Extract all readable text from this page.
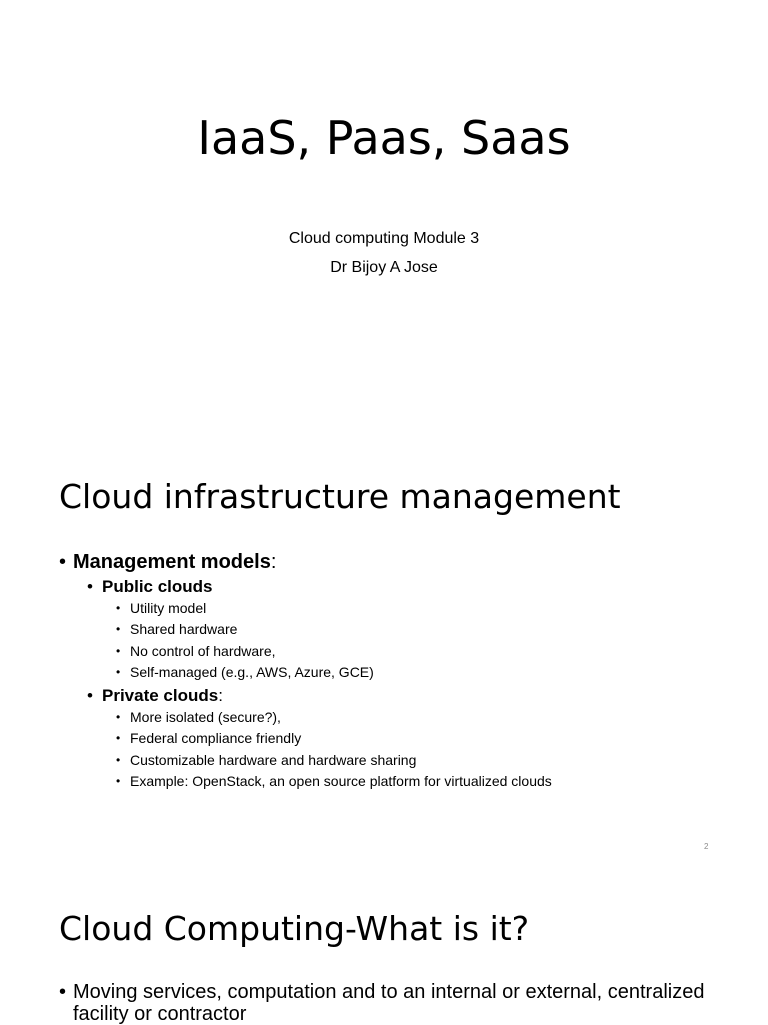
IaaS, Paas, Saas
Cloud computing Module 3
Dr Bijoy A Jose
Cloud infrastructure management
• Management models:
• Public clouds
• Utility model
• Shared hardware
• No control of hardware,
• Self-managed (e.g., AWS, Azure, GCE)
• Private clouds:
• More isolated (secure?),
• Federal compliance friendly
• Customizable hardware and hardware sharing
• Example: OpenStack, an open source platform for virtualized clouds
2
Cloud Computing-What is it?
• Moving services, computation and to an internal or external, centralized facility or contractor
